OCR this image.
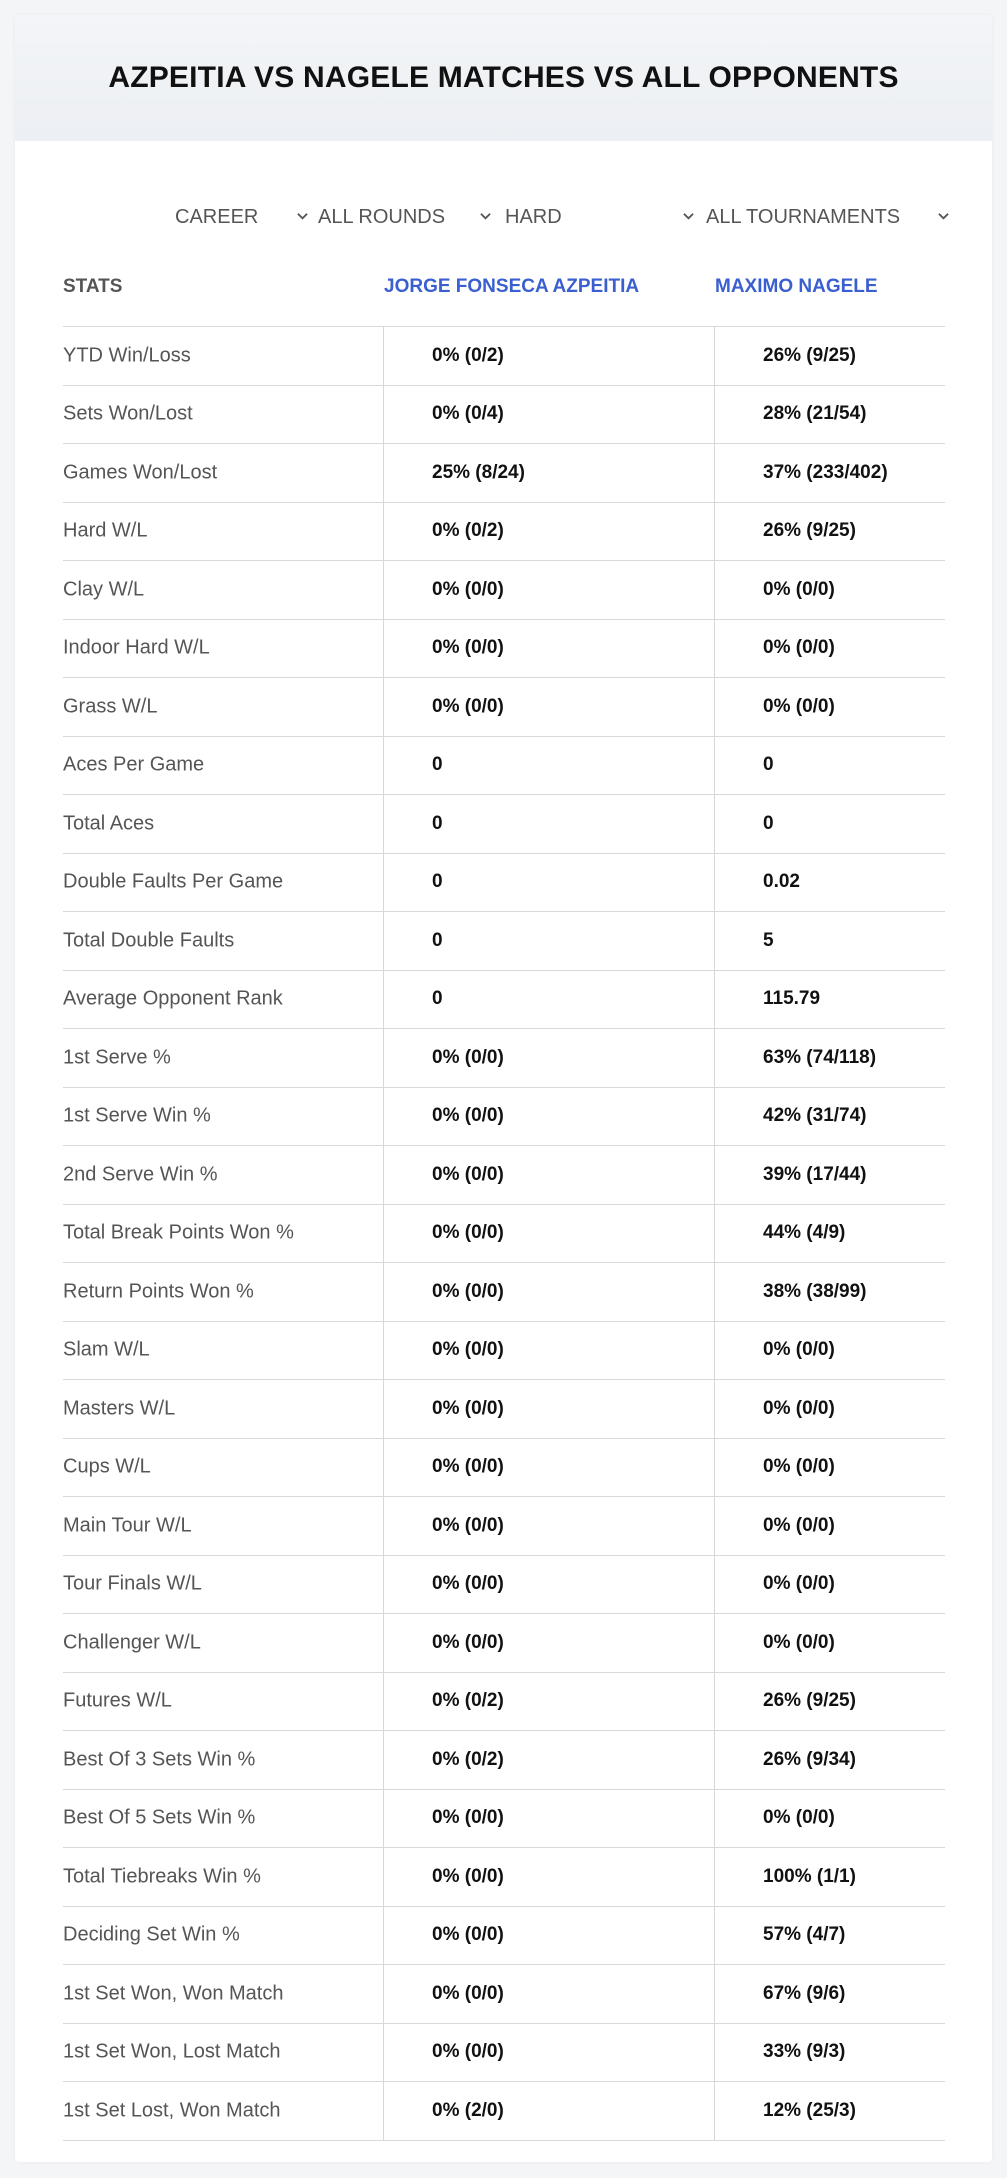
AZPEITIA VS NAGELE MATCHES VS ALL OPPONENTS
CAREER	ALL ROUNDS	HARD	ALL TOURNAMENTS
STATS	JORGE FONSECA AZPEITIA	MAXIMO NAGELE
YTD Win/Loss	0% (0/2)	26% (9/25)
Sets Won/Lost	0% (0/4)	28% (21/54)
Games Won/Lost	25% (8/24)	37% (233/402)
Hard W/L	0% (0/2)	26% (9/25)
Clay W/L	0% (0/0)	0% (0/0)
Indoor Hard W/L	0% (0/0)	0% (0/0)
Grass W/L	0% (0/0)	0% (0/0)
Aces Per Game	0	0
Total Aces	0	0
Double Faults Per Game	0	0.02
Total Double Faults	0	5
Average Opponent Rank	0	115.79
1st Serve %	0% (0/0)	63% (74/118)
1st Serve Win %	0% (0/0)	42% (31/74)
2nd Serve Win %	0% (0/0)	39% (17/44)
Total Break Points Won %	0% (0/0)	44% (4/9)
Return Points Won %	0% (0/0)	38% (38/99)
Slam W/L	0% (0/0)	0% (0/0)
Masters W/L	0% (0/0)	0% (0/0)
Cups W/L	0% (0/0)	0% (0/0)
Main Tour W/L	0% (0/0)	0% (0/0)
Tour Finals W/L	0% (0/0)	0% (0/0)
Challenger W/L	0% (0/0)	0% (0/0)
Futures W/L	0% (0/2)	26% (9/25)
Best Of 3 Sets Win %	0% (0/2)	26% (9/34)
Best Of 5 Sets Win %	0% (0/0)	0% (0/0)
Total Tiebreaks Win %	0% (0/0)	100% (1/1)
Deciding Set Win %	0% (0/0)	57% (4/7)
1st Set Won, Won Match	0% (0/0)	67% (9/6)
1st Set Won, Lost Match	0% (0/0)	33% (9/3)
1st Set Lost, Won Match	0% (2/0)	12% (25/3)
